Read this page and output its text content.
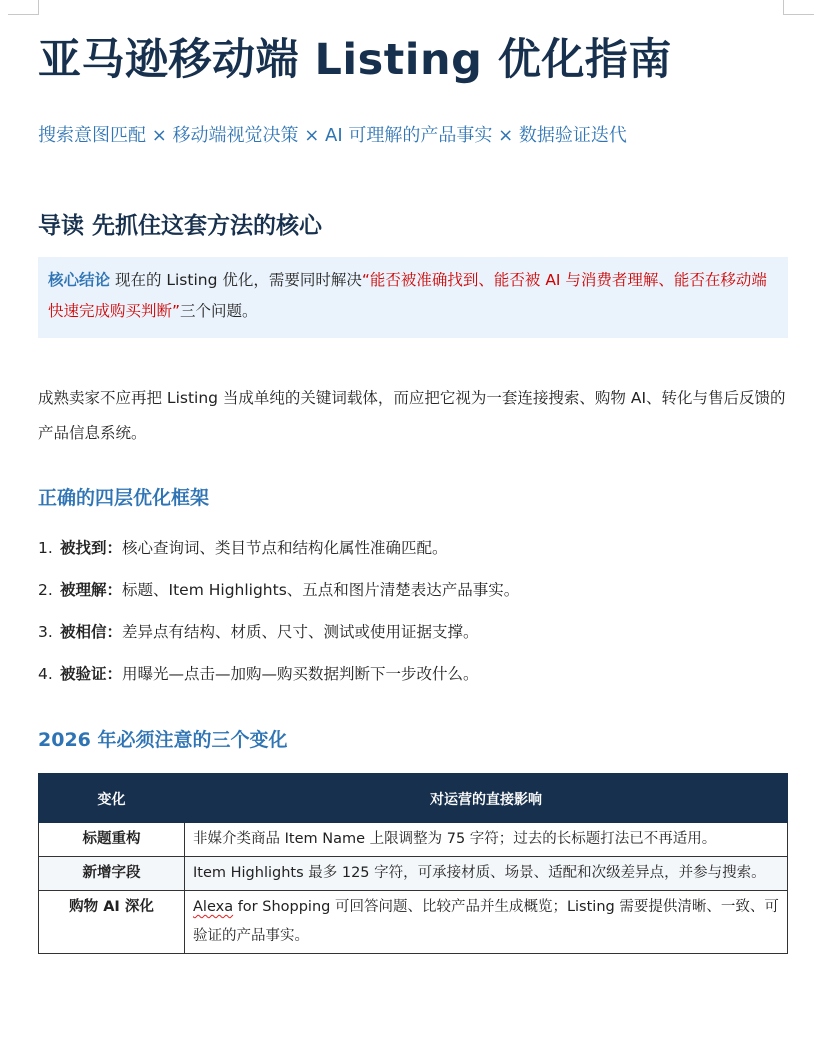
亚马逊移动端 Listing 优化指南

搜索意图匹配 × 移动端视觉决策 × AI 可理解的产品事实 × 数据验证迭代

导读 先抓住这套方法的核心
核心结论 现在的 Listing 优化，需要同时解决“能否被准确找到、能否被 AI 与消费者理解、能否在移动端快速完成购买判断”三个问题。

成熟卖家不应再把 Listing 当成单纯的关键词载体，而应把它视为一套连接搜索、购物 AI、转化与售后反馈的产品信息系统。

正确的四层优化框架
1. 被找到：核心查询词、类目节点和结构化属性准确匹配。
2. 被理解：标题、Item Highlights、五点和图片清楚表达产品事实。
3. 被相信：差异点有结构、材质、尺寸、测试或使用证据支撑。
4. 被验证：用曝光—点击—加购—购买数据判断下一步改什么。
2026 年必须注意的三个变化
变化	对运营的直接影响
标题重构	非媒介类商品 Item Name 上限调整为 75 字符；过去的长标题打法已不再适用。
新增字段	Item Highlights 最多 125 字符，可承接材质、场景、适配和次级差异点，并参与搜索。
购物 AI 深化	Alexa for Shopping 可回答问题、比较产品并生成概览；Listing 需要提供清晰、一致、可验证的产品事实。
